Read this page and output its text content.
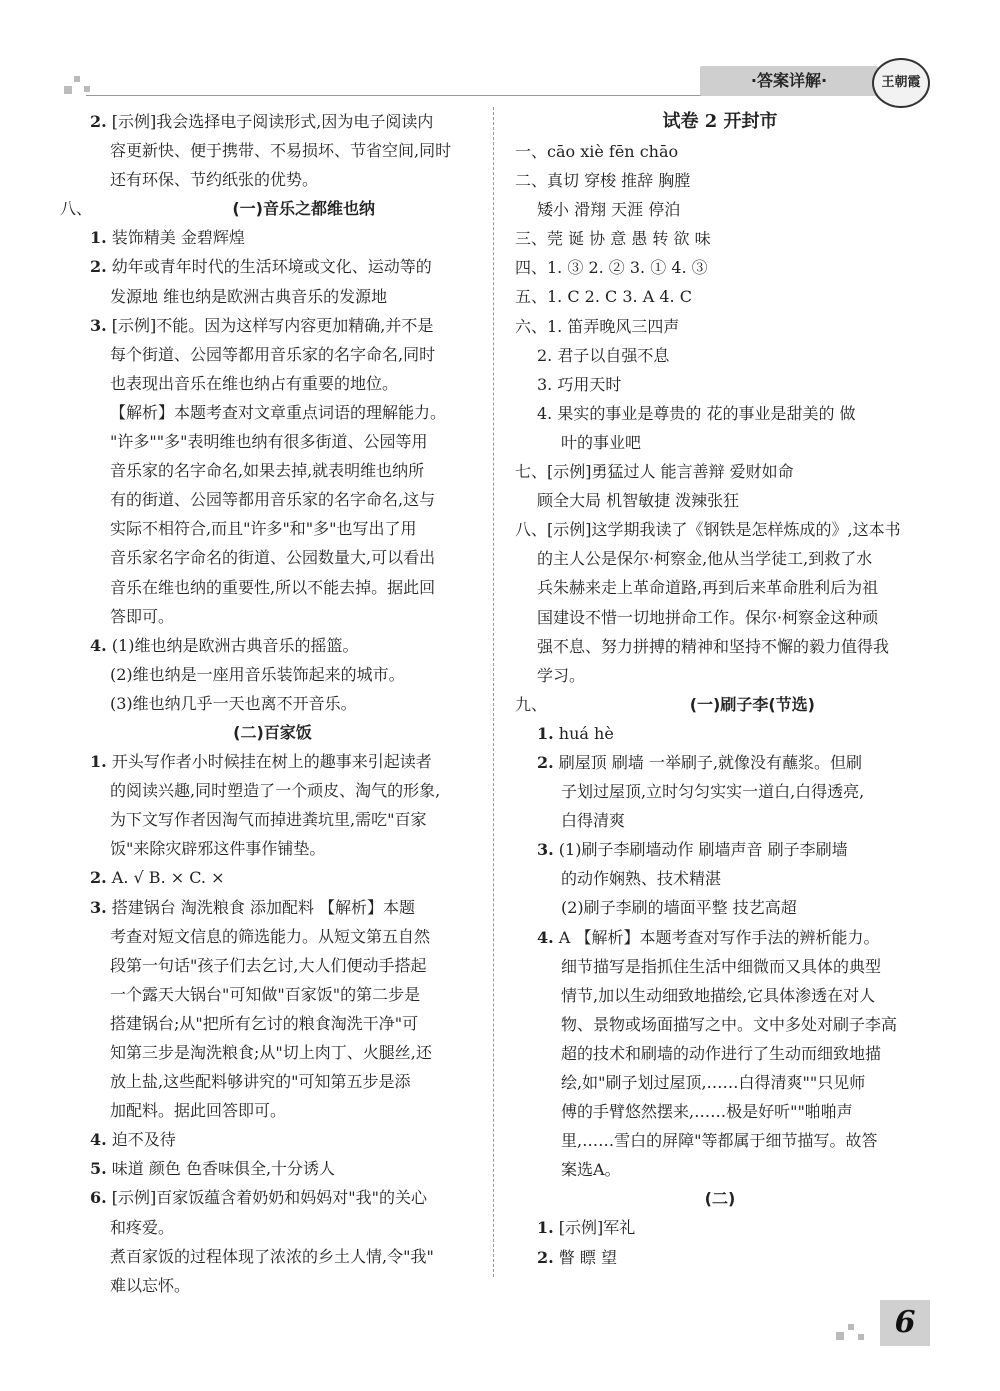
·答案详解·	王朝霞
2. [示例]我会选择电子阅读形式,因为电子阅读内
容更新快、便于携带、不易损坏、节省空间,同时
还有环保、节约纸张的优势。
八、	(一)音乐之都维也纳
1. 装饰精美 金碧辉煌
2. 幼年或青年时代的生活环境或文化、运动等的
发源地 维也纳是欧洲古典音乐的发源地
3. [示例]不能。因为这样写内容更加精确,并不是
每个街道、公园等都用音乐家的名字命名,同时
也表现出音乐在维也纳占有重要的地位。
【解析】本题考查对文章重点词语的理解能力。
"许多""多"表明维也纳有很多街道、公园等用
音乐家的名字命名,如果去掉,就表明维也纳所
有的街道、公园等都用音乐家的名字命名,这与
实际不相符合,而且"许多"和"多"也写出了用
音乐家名字命名的街道、公园数量大,可以看出
音乐在维也纳的重要性,所以不能去掉。据此回
答即可。
4. (1)维也纳是欧洲古典音乐的摇篮。
(2)维也纳是一座用音乐装饰起来的城市。
(3)维也纳几乎一天也离不开音乐。
(二)百家饭
1. 开头写作者小时候挂在树上的趣事来引起读者
的阅读兴趣,同时塑造了一个顽皮、淘气的形象,
为下文写作者因淘气而掉进粪坑里,需吃"百家
饭"来除灾辟邪这件事作铺垫。
2. A. √ B. × C. ×
3. 搭建锅台 淘洗粮食 添加配料 【解析】本题
考查对短文信息的筛选能力。从短文第五自然
段第一句话"孩子们去乞讨,大人们便动手搭起
一个露天大锅台"可知做"百家饭"的第二步是
搭建锅台;从"把所有乞讨的粮食淘洗干净"可
知第三步是淘洗粮食;从"切上肉丁、火腿丝,还
放上盐,这些配料够讲究的"可知第五步是添
加配料。据此回答即可。
4. 迫不及待
5. 味道 颜色 色香味俱全,十分诱人
6. [示例]百家饭蕴含着奶奶和妈妈对"我"的关心
和疼爱。
煮百家饭的过程体现了浓浓的乡土人情,令"我"
难以忘怀。
试卷 2 开封市
一、cāo xiè fēn chāo
二、真切 穿梭 推辞 胸膛
矮小 滑翔 天涯 停泊
三、莞 诞 协 意 愚 转 欲 味
四、1. ③ 2. ② 3. ① 4. ③
五、1. C 2. C 3. A 4. C
六、1. 笛弄晚风三四声
2. 君子以自强不息
3. 巧用天时
4. 果实的事业是尊贵的 花的事业是甜美的 做
叶的事业吧
七、[示例]勇猛过人 能言善辩 爱财如命
顾全大局 机智敏捷 泼辣张狂
八、[示例]这学期我读了《钢铁是怎样炼成的》,这本书
的主人公是保尔·柯察金,他从当学徒工,到救了水
兵朱赫来走上革命道路,再到后来革命胜利后为祖
国建设不惜一切地拼命工作。保尔·柯察金这种顽
强不息、努力拼搏的精神和坚持不懈的毅力值得我
学习。
九、	(一)刷子李(节选)
1. huá hè
2. 刷屋顶 刷墙 一举刷子,就像没有蘸浆。但刷
子划过屋顶,立时匀匀实实一道白,白得透亮,
白得清爽
3. (1)刷子李刷墙动作 刷墙声音 刷子李刷墙
的动作娴熟、技术精湛
(2)刷子李刷的墙面平整 技艺高超
4. A 【解析】本题考查对写作手法的辨析能力。
细节描写是指抓住生活中细微而又具体的典型
情节,加以生动细致地描绘,它具体渗透在对人
物、景物或场面描写之中。文中多处对刷子李高
超的技术和刷墙的动作进行了生动而细致地描
绘,如"刷子划过屋顶,……白得清爽""只见师
傅的手臂悠然摆来,……极是好听""啪啪声
里,……雪白的屏障"等都属于细节描写。故答
案选A。
(二)
1. [示例]军礼
2. 瞥 瞟 望
6
